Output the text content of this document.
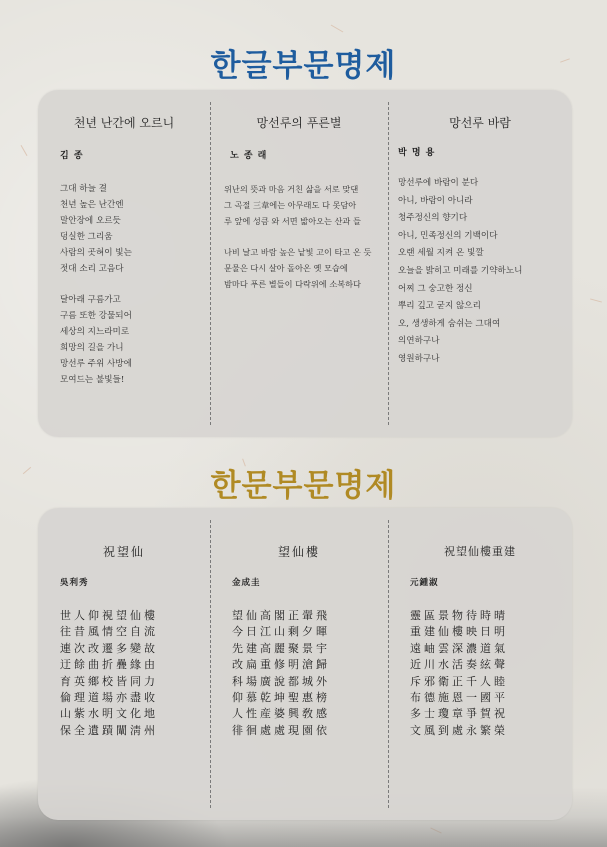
한글부문명제
천년 난간에 오르니
김 종
그대 하늘 결
천년 높은 난간엔
말안장에 오르듯
덩실한 그리움
사람의 곳혀이 빛는
젓대 소리 고음다
달아래 구름가고
구름 또한 강물되어
세상의 지느라미로
희망의 길을 가니
망선루 주위 사방에
모여드는 불빛들!
망선루의 푸른별
노 종 래
위난의 뜻과 마음 거친 삶을 서로 맞댄
그 곡절 三韋에는 아무래도 다 못담아
루 앞에 성큼 와 서면 밟아오는 산과 들
나비 날고 바람 높은 낱빛 고이 타고 온 듯
문물은 다시 살아 돌아온 옛 모습에
밤마다 푸른 별들이 다락위에 소복하다
망선루 바람
박 명 용
망선루에 바람이 분다
아니, 바람이 아니라
청주정신의 향기다
아니, 민족정신의 기백이다
오랜 세월 지켜 온 빛깔
오늘을 밝히고 미래를 기약하노니
어찌 그 숭고한 정신
뿌리 깊고 굳지 않으리
오, 생생하게 숨쉬는 그대여
의연하구나
영원하구나
한문부문명제
祝望仙
吳利秀
世人仰視望仙樓
往昔風情空自流
連次改遷多變故
迂餘曲折疊緣由
育英鄉校皆同力
倫理道場亦盡收
山紫水明文化地
保全遺蹟闡淸州
望仙樓
金成圭
望仙高閣正翬飛
今日江山剩夕暉
先建高麗聚景宇
改扁重修明滄歸
科場廣說都城外
仰慕乾坤聖惠榜
人性産婆興敎感
徘徊處處現園依
祝望仙樓重建
元鍾淑
靈區景物待時晴
重建仙樓映日明
遠岫雲深濃道氣
近川水活奏絃聲
斥邪衛正千人睦
布德施恩一國平
多士瓊章爭賀祝
文風到處永繁榮
